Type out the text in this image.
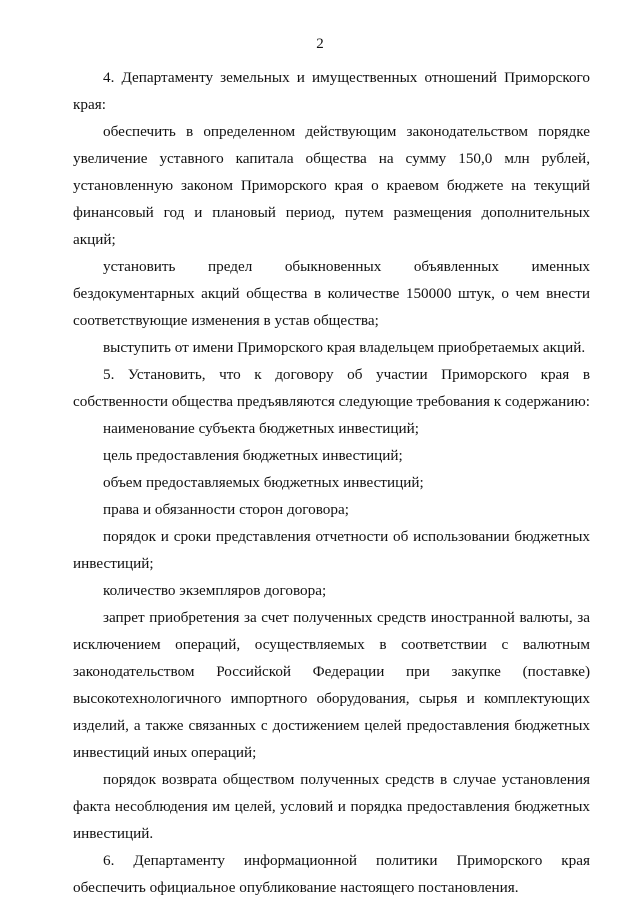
2

4. Департаменту земельных и имущественных отношений Приморского края:

обеспечить в определенном действующим законодательством порядке увеличение уставного капитала общества на сумму 150,0 млн рублей, установленную законом Приморского края о краевом бюджете на текущий финансовый год и плановый период, путем размещения дополнительных акций;

установить предел обыкновенных объявленных именных бездокументарных акций общества в количестве 150000 штук, о чем внести соответствующие изменения в устав общества;

выступить от имени Приморского края владельцем приобретаемых акций.

5. Установить, что к договору об участии Приморского края в собственности общества предъявляются следующие требования к содержанию:

наименование субъекта бюджетных инвестиций;

цель предоставления бюджетных инвестиций;

объем предоставляемых бюджетных инвестиций;

права и обязанности сторон договора;

порядок и сроки представления отчетности об использовании бюджетных инвестиций;

количество экземпляров договора;

запрет приобретения за счет полученных средств иностранной валюты, за исключением операций, осуществляемых в соответствии с валютным законодательством Российской Федерации при закупке (поставке) высокотехнологичного импортного оборудования, сырья и комплектующих изделий, а также связанных с достижением целей предоставления бюджетных инвестиций иных операций;

порядок возврата обществом полученных средств в случае установления факта несоблюдения им целей, условий и порядка предоставления бюджетных инвестиций.

6. Департаменту информационной политики Приморского края обеспечить официальное опубликование настоящего постановления.
